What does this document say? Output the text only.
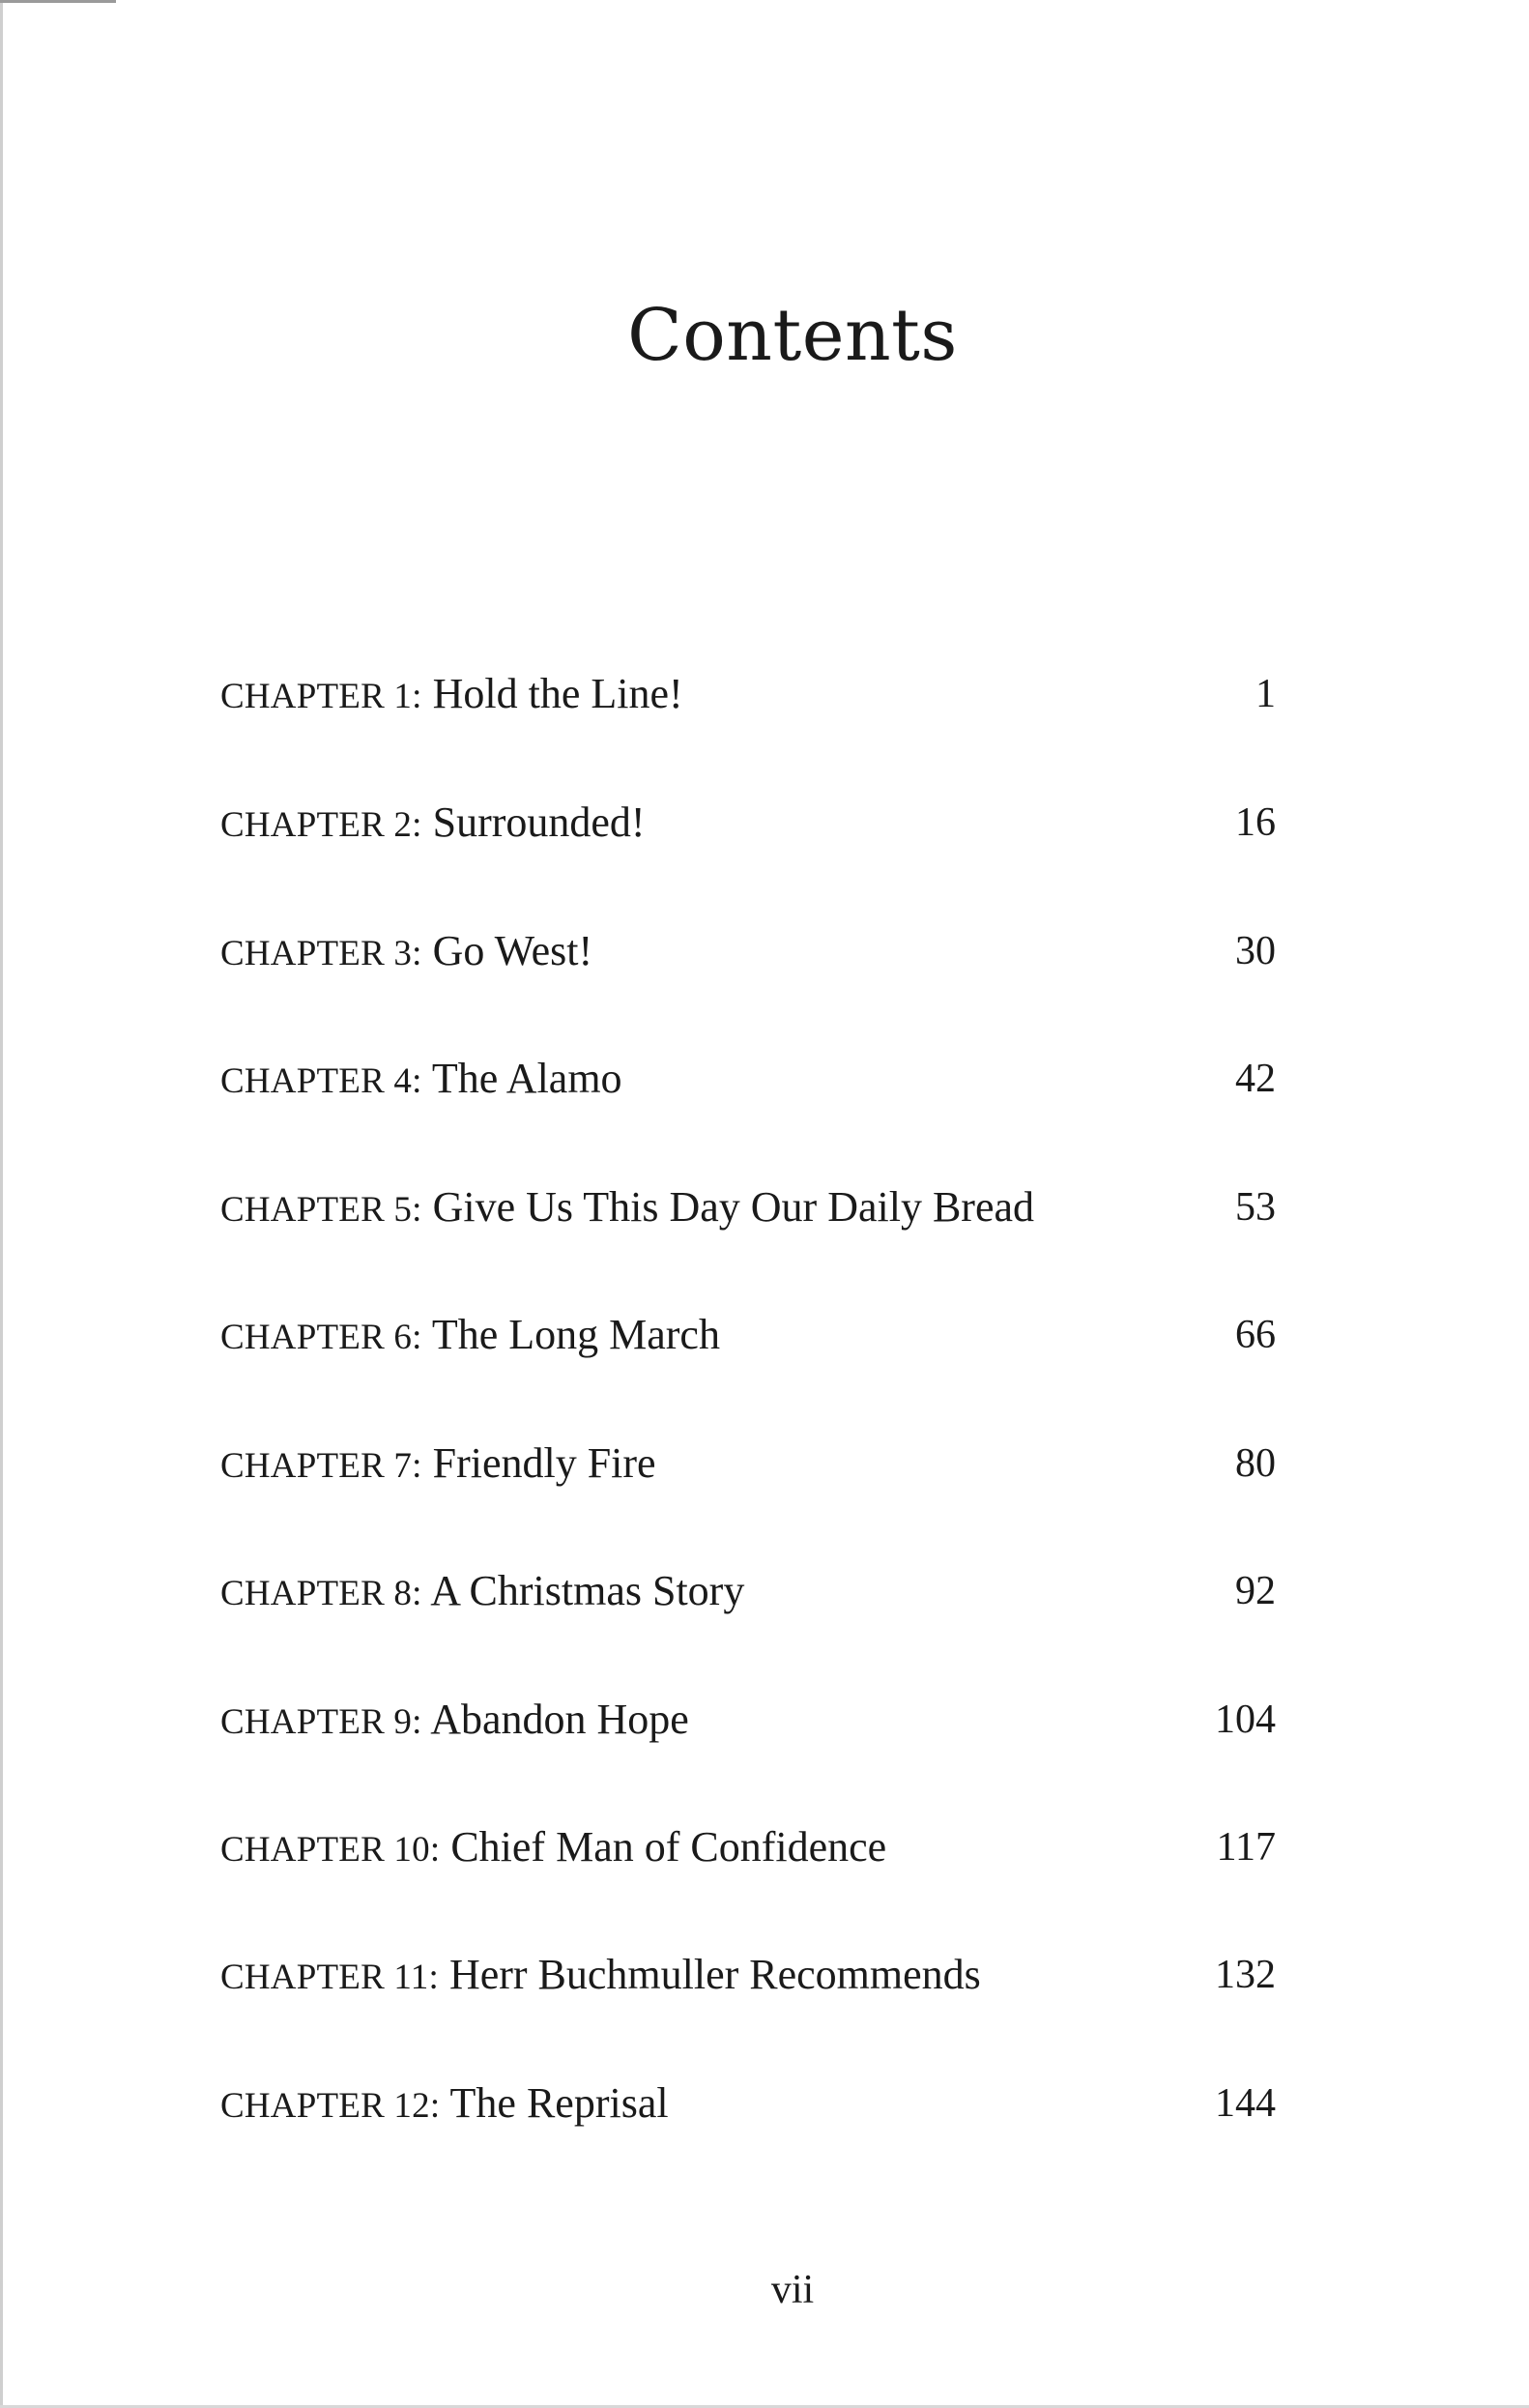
Contents
CHAPTER 1: Hold the Line!	1
CHAPTER 2: Surrounded!	16
CHAPTER 3: Go West!	30
CHAPTER 4: The Alamo	42
CHAPTER 5: Give Us This Day Our Daily Bread	53
CHAPTER 6: The Long March	66
CHAPTER 7: Friendly Fire	80
CHAPTER 8: A Christmas Story	92
CHAPTER 9: Abandon Hope	104
CHAPTER 10: Chief Man of Confidence	117
CHAPTER 11: Herr Buchmuller Recommends	132
CHAPTER 12: The Reprisal	144
vii
